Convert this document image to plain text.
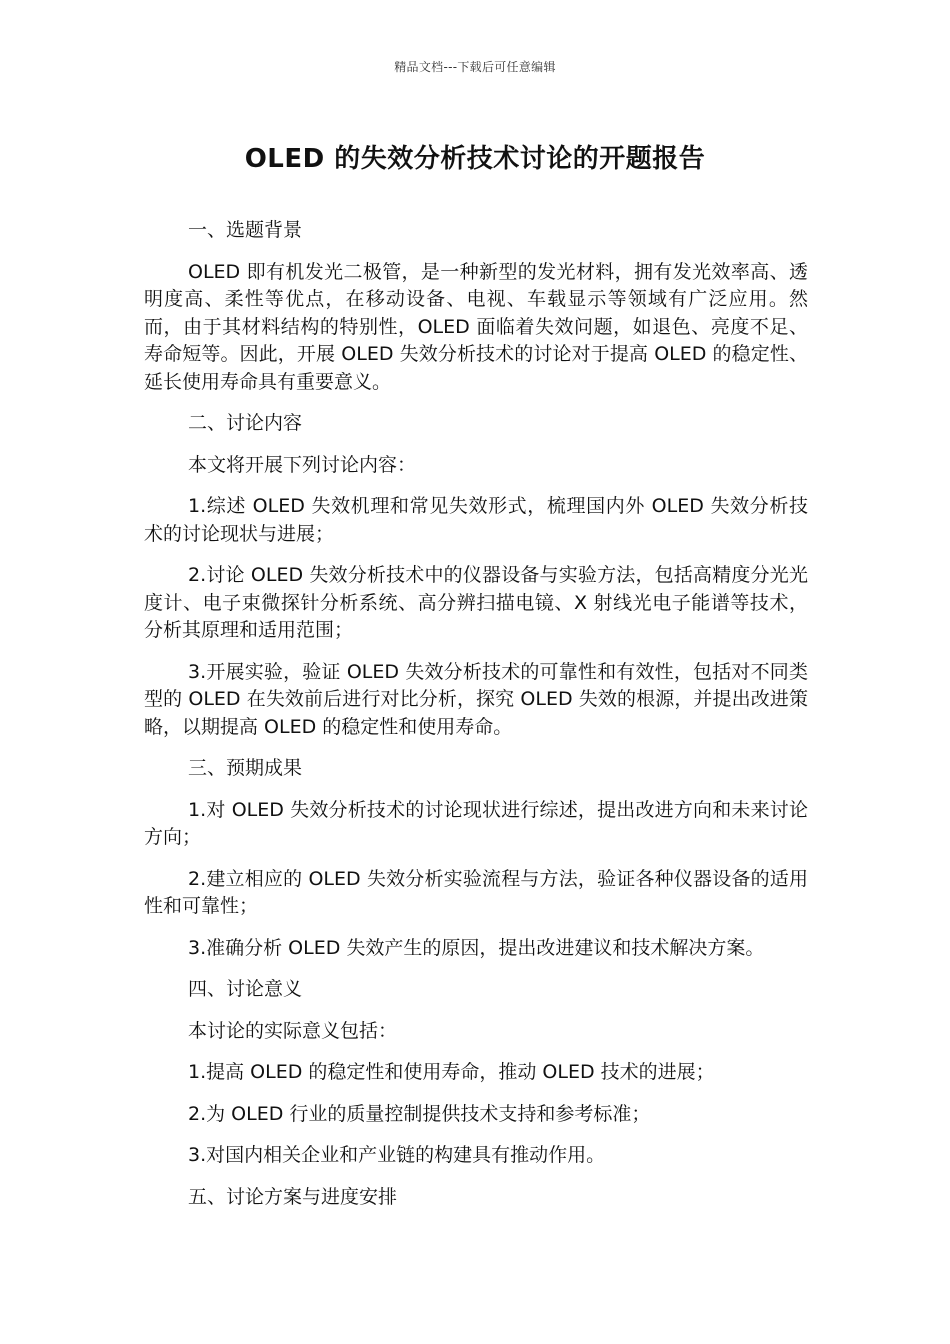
精品文档---下载后可任意编辑
OLED 的失效分析技术讨论的开题报告

一、选题背景

OLED 即有机发光二极管，是一种新型的发光材料，拥有发光效率高、透明度高、柔性等优点，在移动设备、电视、车载显示等领域有广泛应用。然而，由于其材料结构的特别性，OLED 面临着失效问题，如退色、亮度不足、寿命短等。因此，开展 OLED 失效分析技术的讨论对于提高 OLED 的稳定性、延长使用寿命具有重要意义。

二、讨论内容

本文将开展下列讨论内容：

1.综述 OLED 失效机理和常见失效形式，梳理国内外 OLED 失效分析技术的讨论现状与进展；

2.讨论 OLED 失效分析技术中的仪器设备与实验方法，包括高精度分光光度计、电子束微探针分析系统、高分辨扫描电镜、X 射线光电子能谱等技术，分析其原理和适用范围；

3.开展实验，验证 OLED 失效分析技术的可靠性和有效性，包括对不同类型的 OLED 在失效前后进行对比分析，探究 OLED 失效的根源，并提出改进策略，以期提高 OLED 的稳定性和使用寿命。

三、预期成果

1.对 OLED 失效分析技术的讨论现状进行综述，提出改进方向和未来讨论方向；

2.建立相应的 OLED 失效分析实验流程与方法，验证各种仪器设备的适用性和可靠性；

3.准确分析 OLED 失效产生的原因，提出改进建议和技术解决方案。

四、讨论意义

本讨论的实际意义包括：

1.提高 OLED 的稳定性和使用寿命，推动 OLED 技术的进展；

2.为 OLED 行业的质量控制提供技术支持和参考标准；

3.对国内相关企业和产业链的构建具有推动作用。

五、讨论方案与进度安排
